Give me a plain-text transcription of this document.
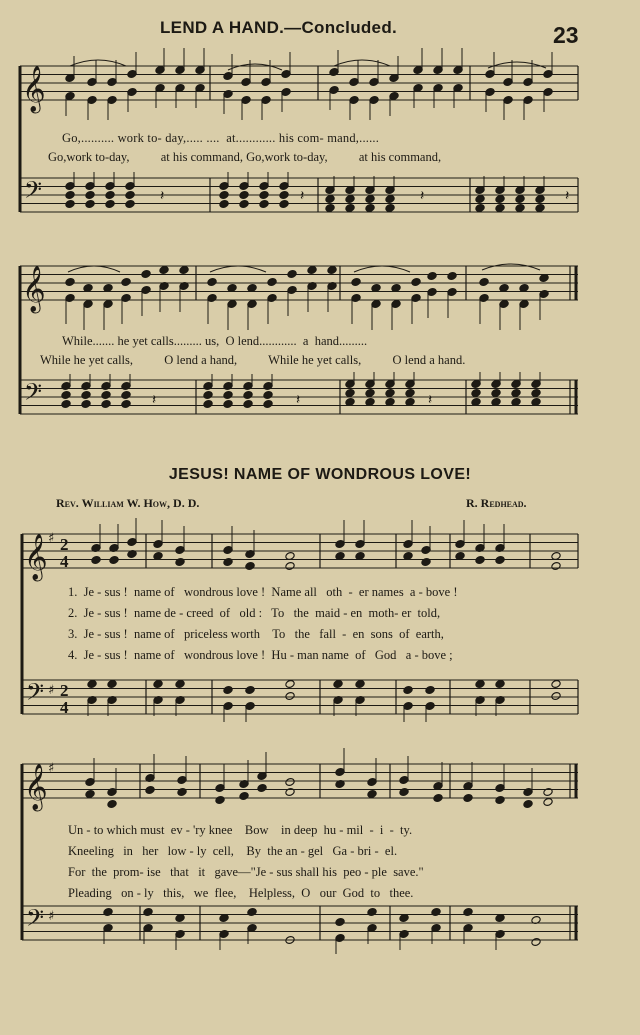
LEND A HAND.—Concluded.	23
𝄞
𝄢	𝄽	𝄽	𝄽	𝄽
𝄞
𝄢	𝄽	𝄽	𝄽
𝄞
𝄢
♯
♯
2
4
2
4
𝄞
𝄢
♯
♯
Go,.......... work to- day,..... ....  at............ his com- mand,......
Go,work to-day,          at his command, Go,work to-day,          at his command,
While....... he yet calls......... us,  O lend............  a  hand.........
While he yet calls,          O lend a hand,          While he yet calls,          O lend a hand.
JESUS! NAME OF WONDROUS LOVE!
Rev. William W. How, D. D.	R. Redhead.
1.  Je - sus !  name of   wondrous love !  Name all   oth  -  er names  a - bove !
2.  Je - sus !  name de - creed  of   old :   To   the  maid - en  moth- er  told,
3.  Je - sus !  name of   priceless worth    To   the   fall  -  en  sons  of  earth,
4.  Je - sus !  name of   wondrous love !  Hu - man name  of   God   a - bove ;
Un - to which must  ev - 'ry knee    Bow    in deep  hu - mil  -  i  -  ty.
Kneeling   in   her   low - ly  cell,    By  the an - gel   Ga - bri -  el.
For  the  prom- ise   that   it   gave—"Je - sus shall his  peo - ple  save."
Pleading   on - ly   this,   we  flee,    Helpless,  O   our  God  to   thee.
